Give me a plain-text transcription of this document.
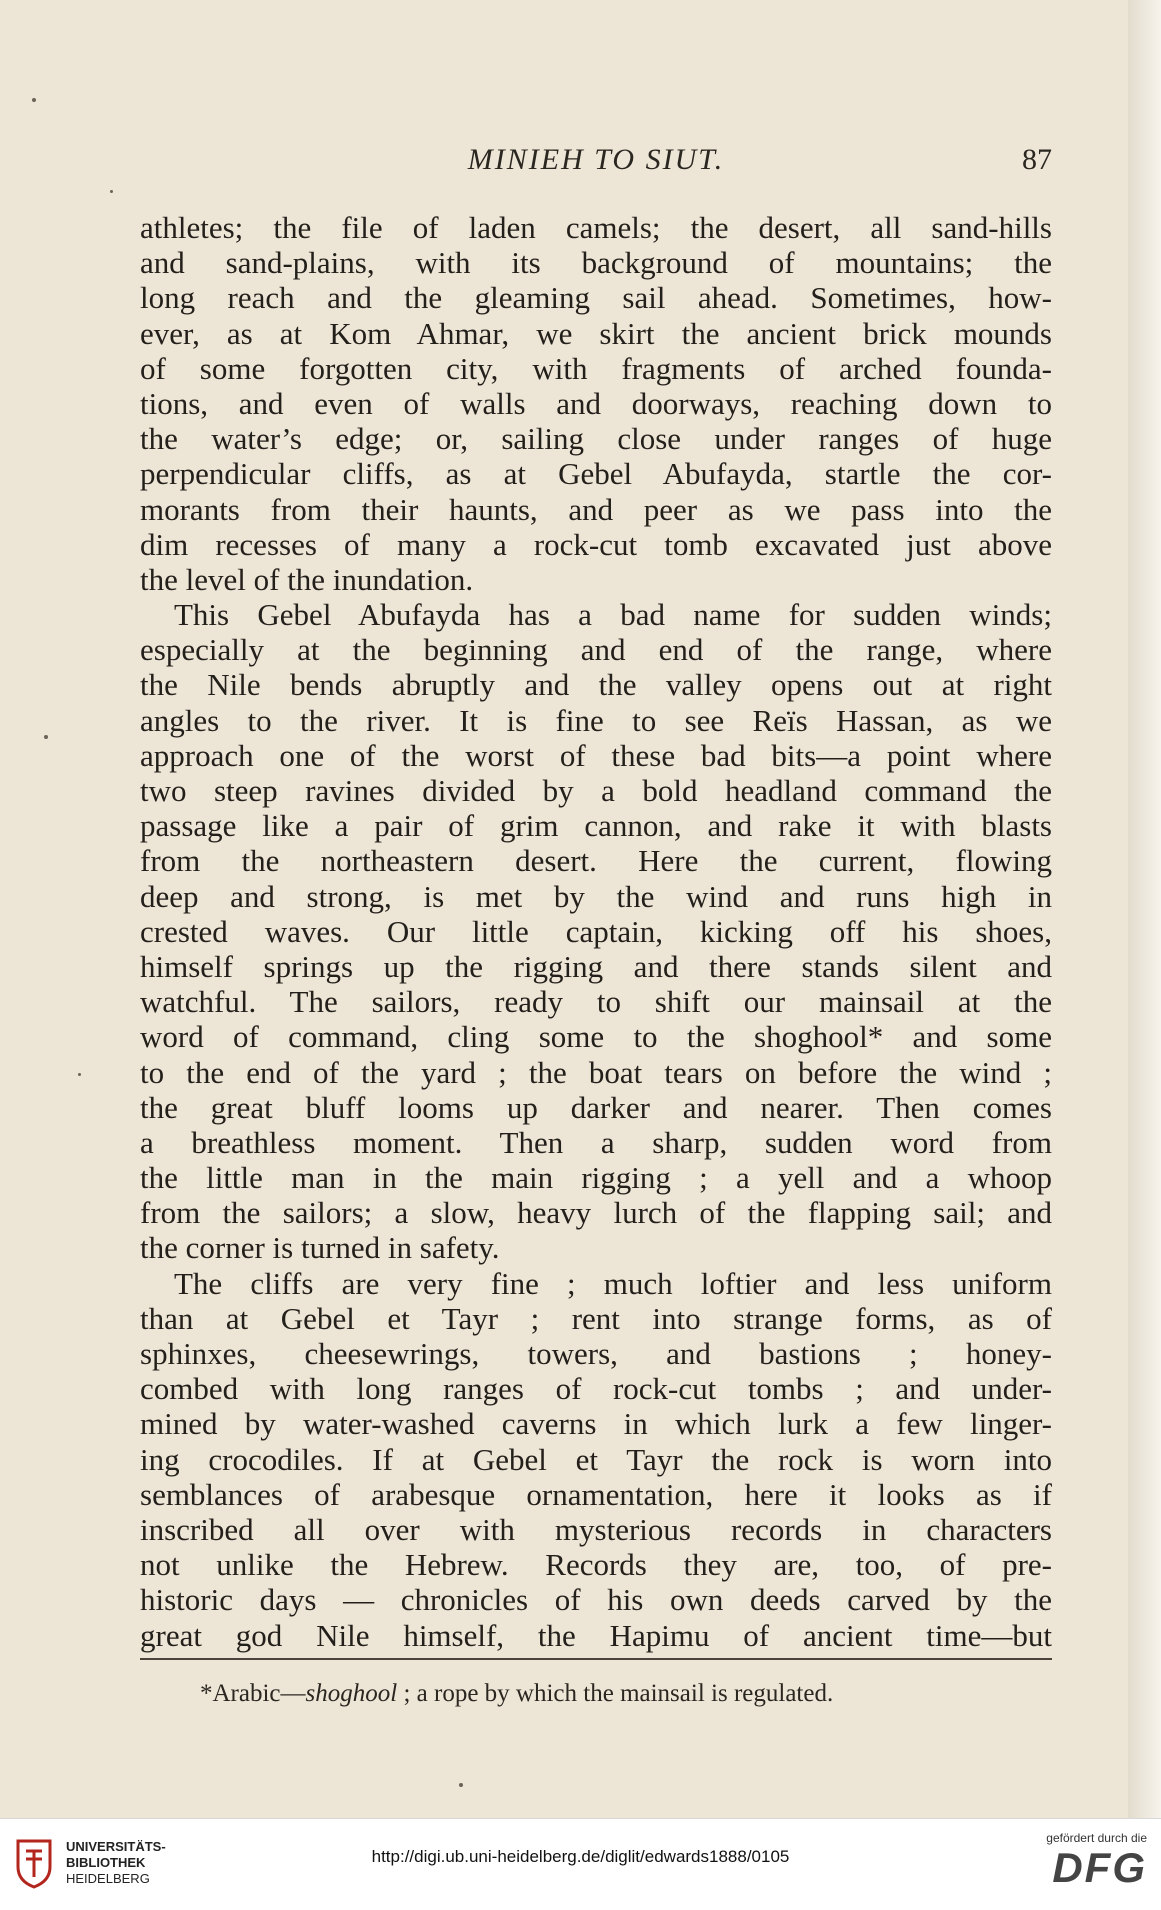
MINIEH TO SIUT.	87
athletes; the file of laden camels; the desert, all sand-hills
and sand-plains, with its background of mountains; the
long reach and the gleaming sail ahead. Sometimes, how-
ever, as at Kom Ahmar, we skirt the ancient brick mounds
of some forgotten city, with fragments of arched founda-
tions, and even of walls and doorways, reaching down to
the water’s edge; or, sailing close under ranges of huge
perpendicular cliffs, as at Gebel Abufayda, startle the cor-
morants from their haunts, and peer as we pass into the
dim recesses of many a rock-cut tomb excavated just above
the level of the inundation.
This Gebel Abufayda has a bad name for sudden winds;
especially at the beginning and end of the range, where
the Nile bends abruptly and the valley opens out at right
angles to the river. It is fine to see Reïs Hassan, as we
approach one of the worst of these bad bits—a point where
two steep ravines divided by a bold headland command the
passage like a pair of grim cannon, and rake it with blasts
from the northeastern desert. Here the current, flowing
deep and strong, is met by the wind and runs high in
crested waves. Our little captain, kicking off his shoes,
himself springs up the rigging and there stands silent and
watchful. The sailors, ready to shift our mainsail at the
word of command, cling some to the shoghool* and some
to the end of the yard ; the boat tears on before the wind ;
the great bluff looms up darker and nearer. Then comes
a breathless moment. Then a sharp, sudden word from
the little man in the main rigging ; a yell and a whoop
from the sailors; a slow, heavy lurch of the flapping sail; and
the corner is turned in safety.
The cliffs are very fine ; much loftier and less uniform
than at Gebel et Tayr ; rent into strange forms, as of
sphinxes, cheesewrings, towers, and bastions ; honey-
combed with long ranges of rock-cut tombs ; and under-
mined by water-washed caverns in which lurk a few linger-
ing crocodiles. If at Gebel et Tayr the rock is worn into
semblances of arabesque ornamentation, here it looks as if
inscribed all over with mysterious records in characters
not unlike the Hebrew. Records they are, too, of pre-
historic days — chronicles of his own deeds carved by the
great god Nile himself, the Hapimu of ancient time—but
*Arabic—shoghool ; a rope by which the mainsail is regulated.
UNIVERSITÄTS-
BIBLIOTHEK
HEIDELBERG
http://digi.ub.uni-heidelberg.de/diglit/edwards1888/0105
gefördert durch die
DFG
